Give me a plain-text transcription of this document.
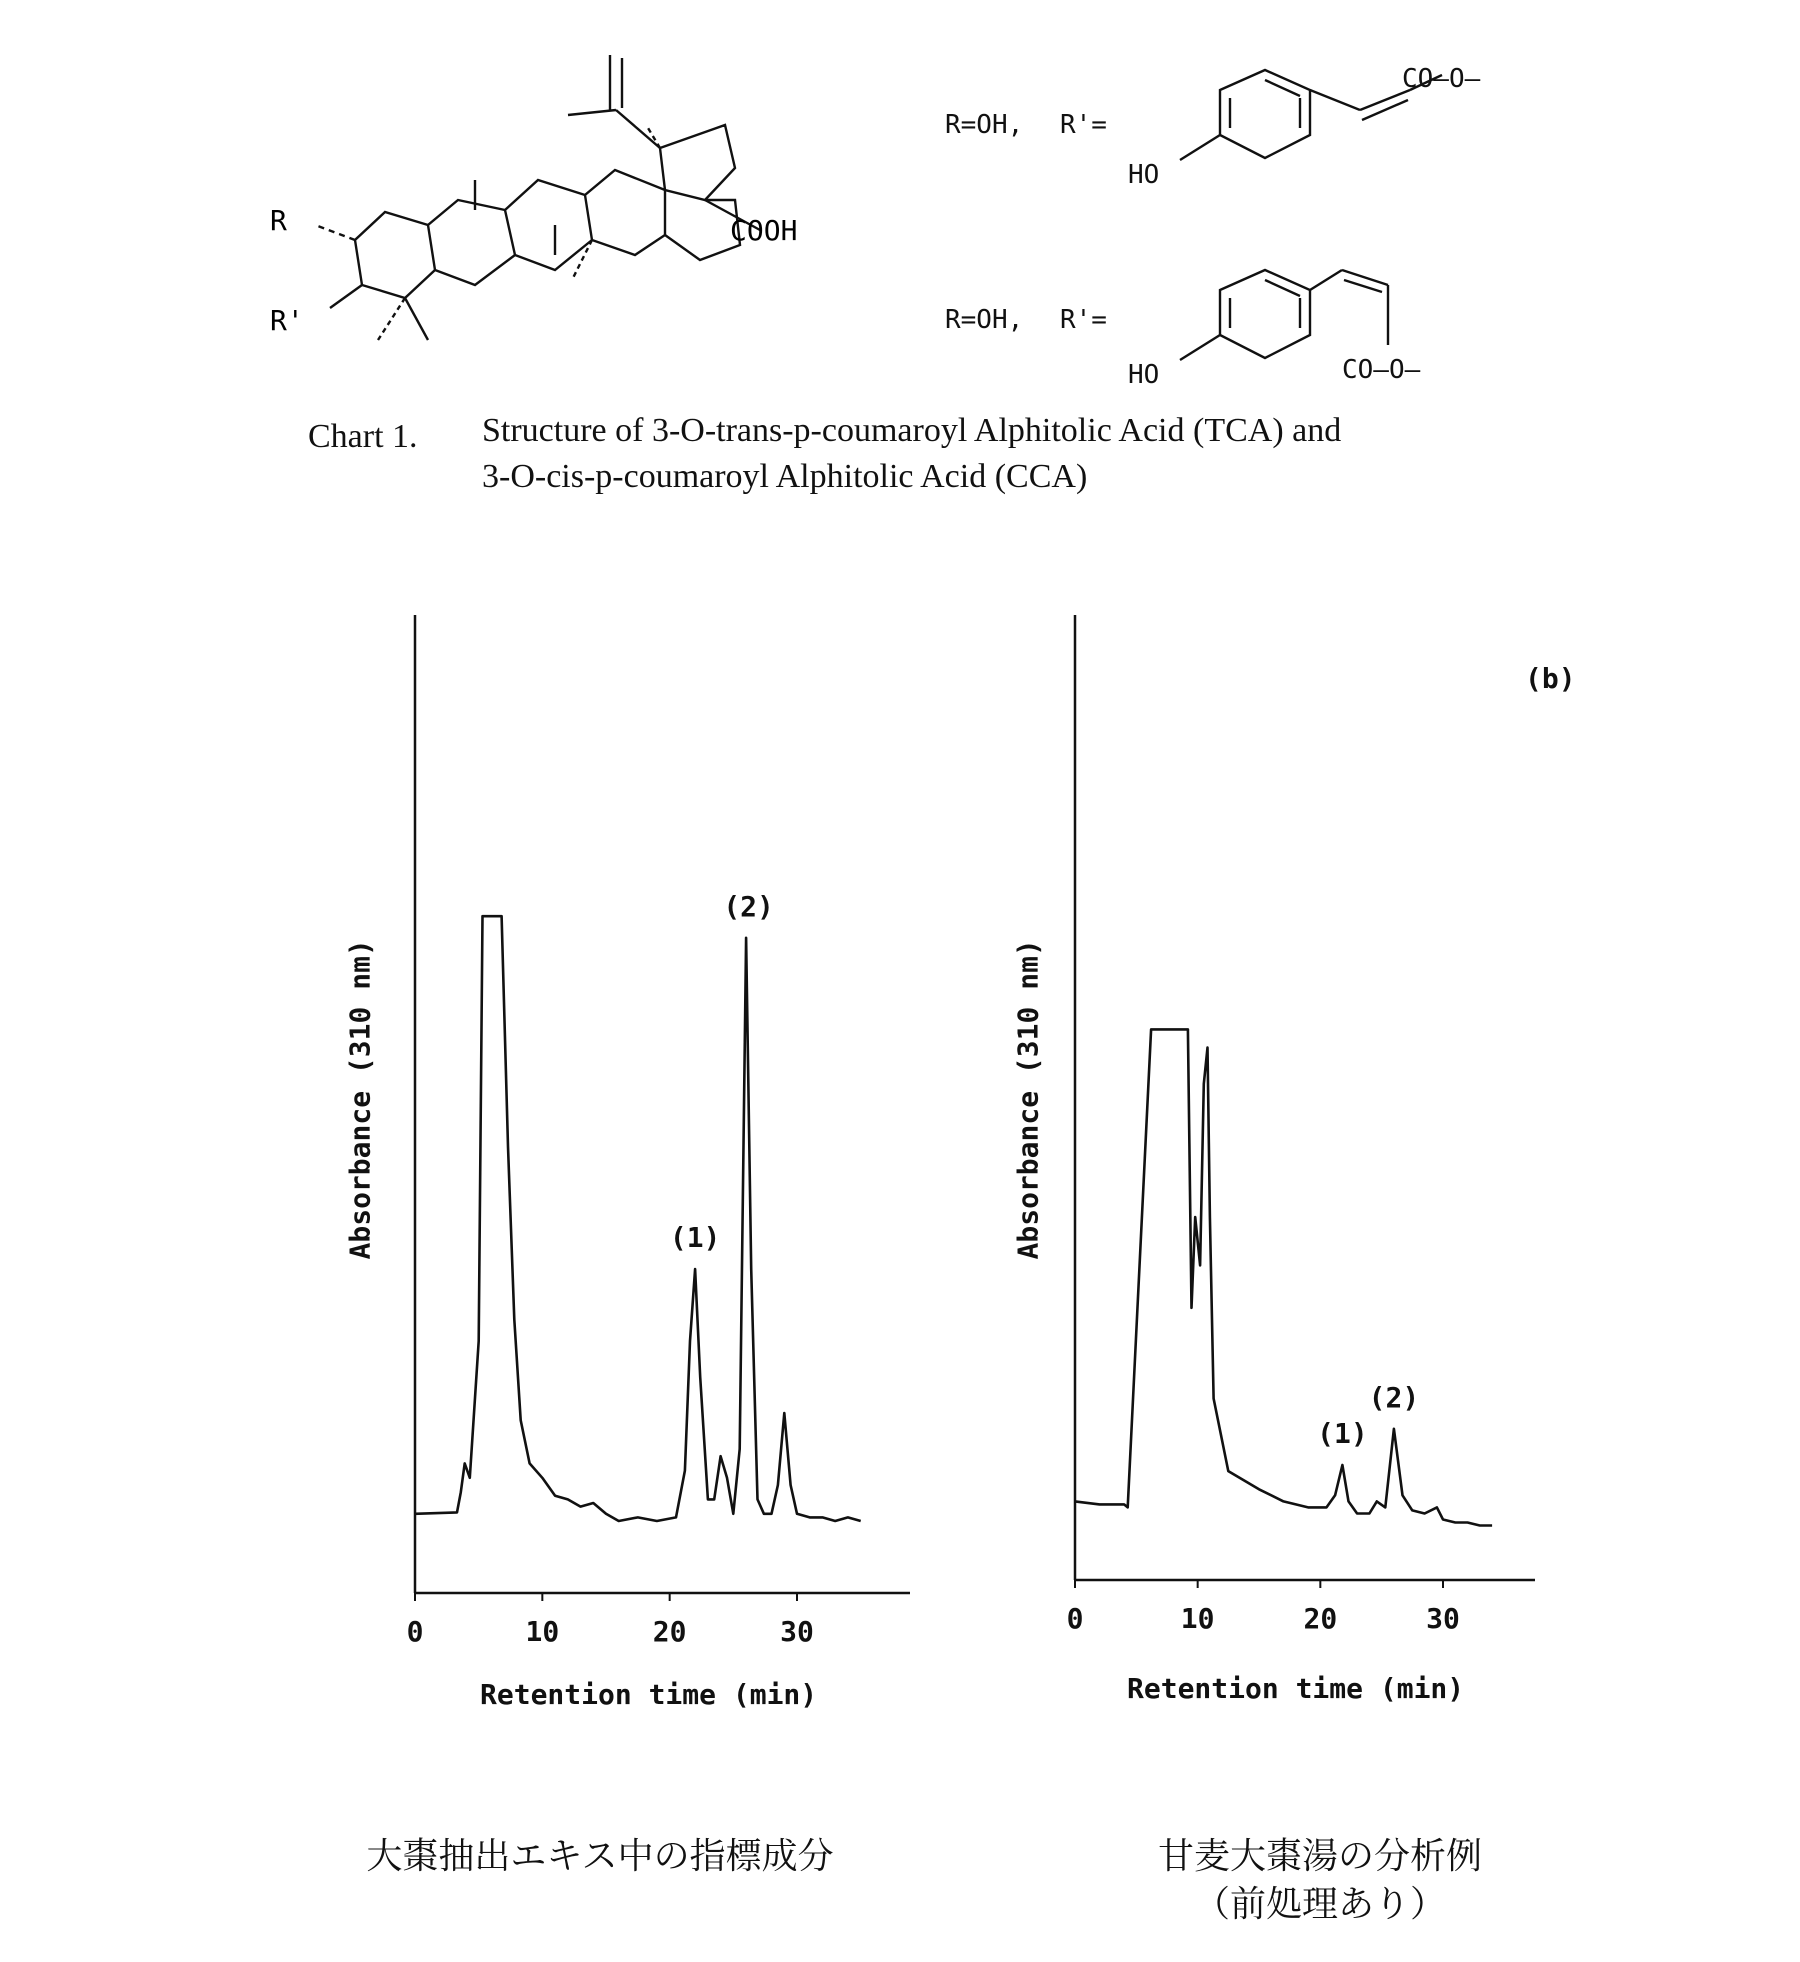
R
R'
COOH
R=OH, R'=
HO
CO–O–
R=OH, R'=
HO	CO–O–
Chart 1. Structure of 3-O-trans-p-coumaroyl Alphitolic Acid (TCA) and
3-O-cis-p-coumaroyl Alphitolic Acid (CCA)
0	10	20	30
(1)
(2)
Absorbance (310 nm)
Retention time (min)
0	10	20	30
(1)
(2)
Absorbance (310 nm)
Retention time (min)
(b)
大棗抽出エキス中の指標成分	甘麦大棗湯の分析例
（前処理あり）
